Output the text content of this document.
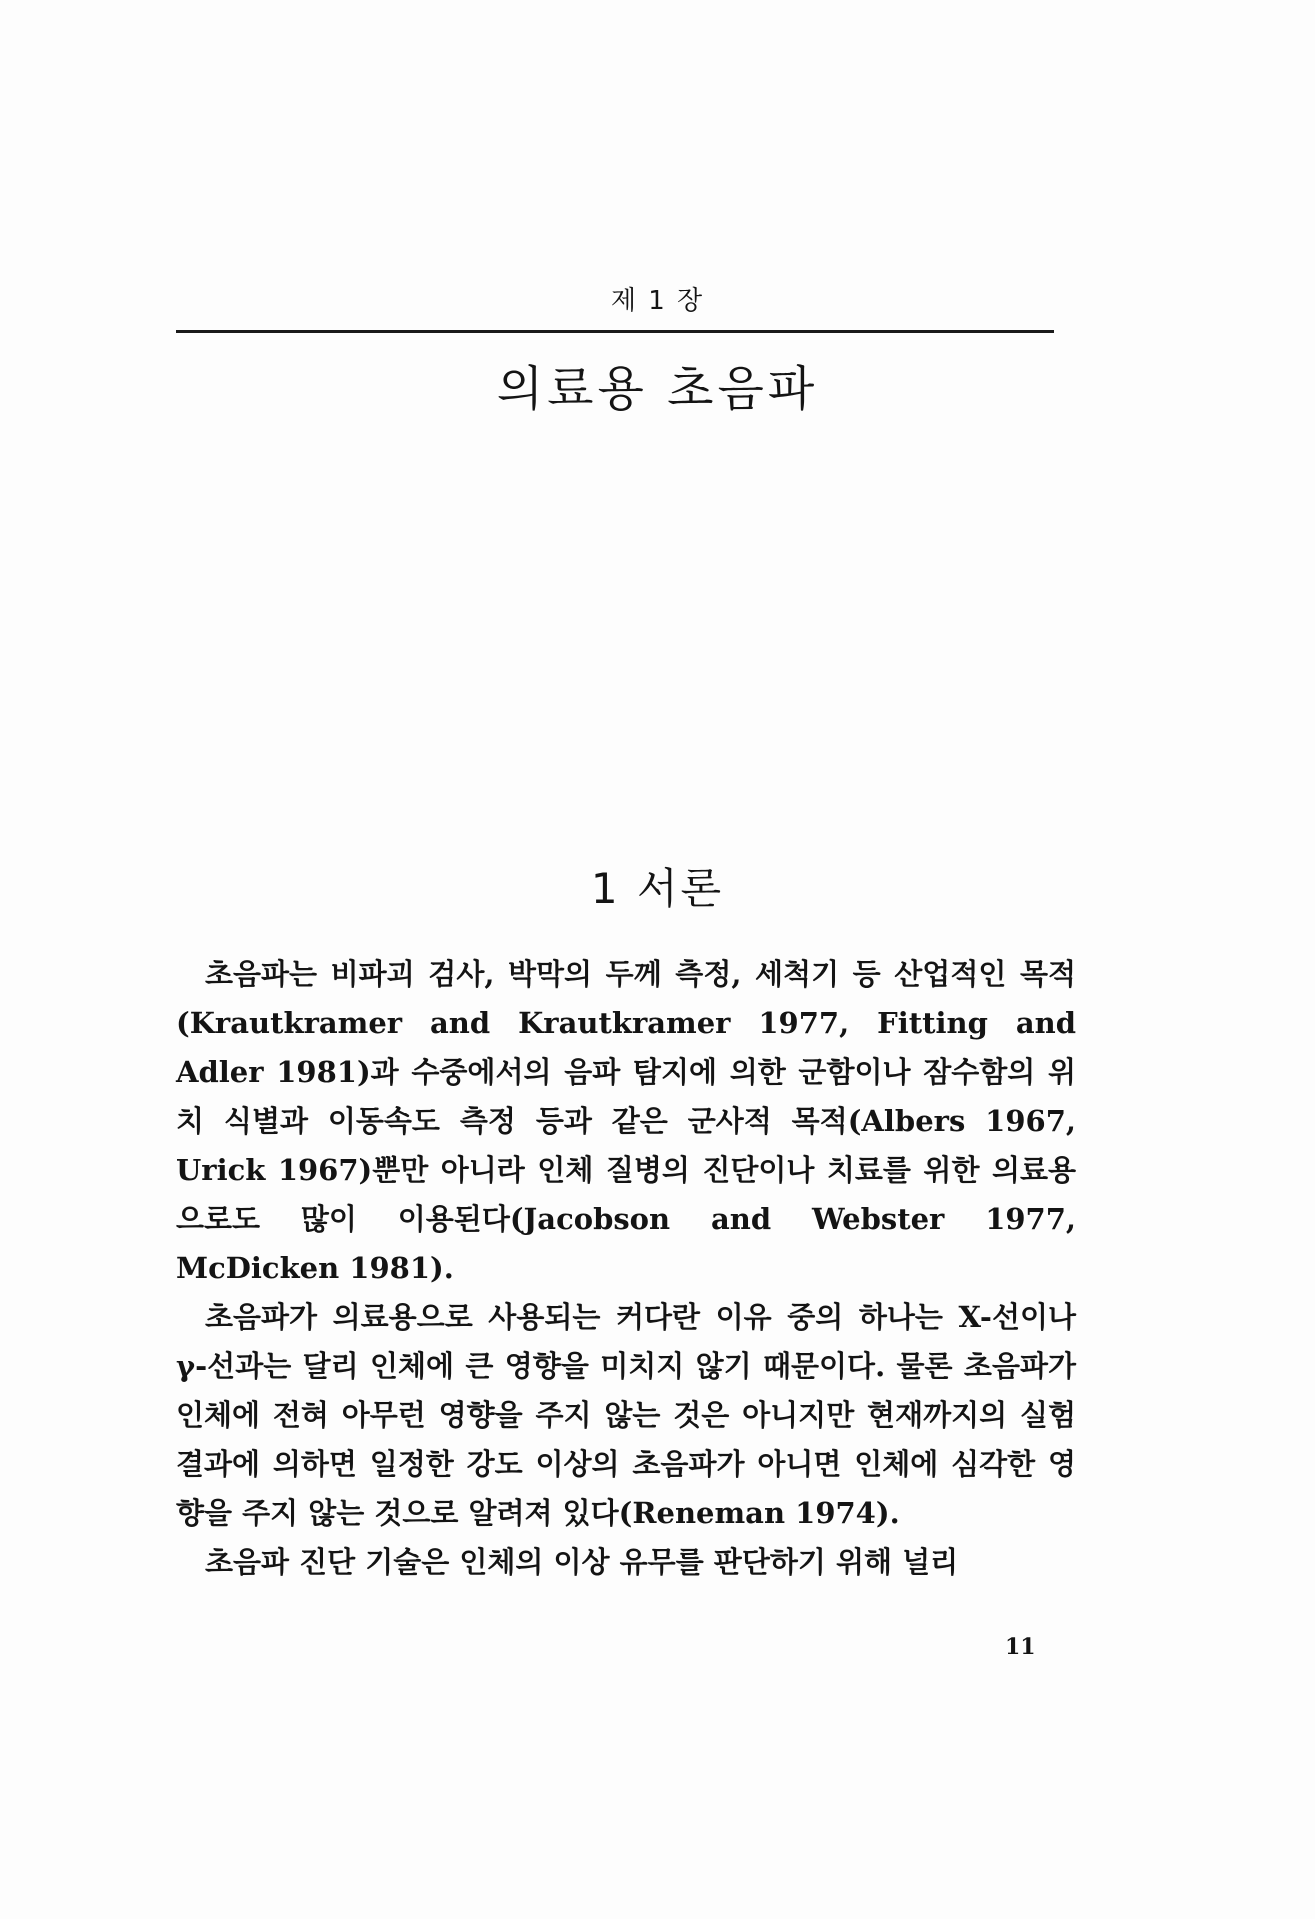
제 1 장
의료용 초음파
1 서론

초음파는 비파괴 검사, 박막의 두께 측정, 세척기 등 산업적인 목적(Krautkramer and Krautkramer 1977, Fitting and Adler 1981)과 수중에서의 음파 탐지에 의한 군함이나 잠수함의 위치 식별과 이동속도 측정 등과 같은 군사적 목적(Albers 1967, Urick 1967)뿐만 아니라 인체 질병의 진단이나 치료를 위한 의료용으로도 많이 이용된다(Jacobson and Webster 1977, McDicken 1981).

초음파가 의료용으로 사용되는 커다란 이유 중의 하나는 X-선이나 γ-선과는 달리 인체에 큰 영향을 미치지 않기 때문이다. 물론 초음파가 인체에 전혀 아무런 영향을 주지 않는 것은 아니지만 현재까지의 실험결과에 의하면 일정한 강도 이상의 초음파가 아니면 인체에 심각한 영향을 주지 않는 것으로 알려져 있다(Reneman 1974).

초음파 진단 기술은 인체의 이상 유무를 판단하기 위해 널리

11
